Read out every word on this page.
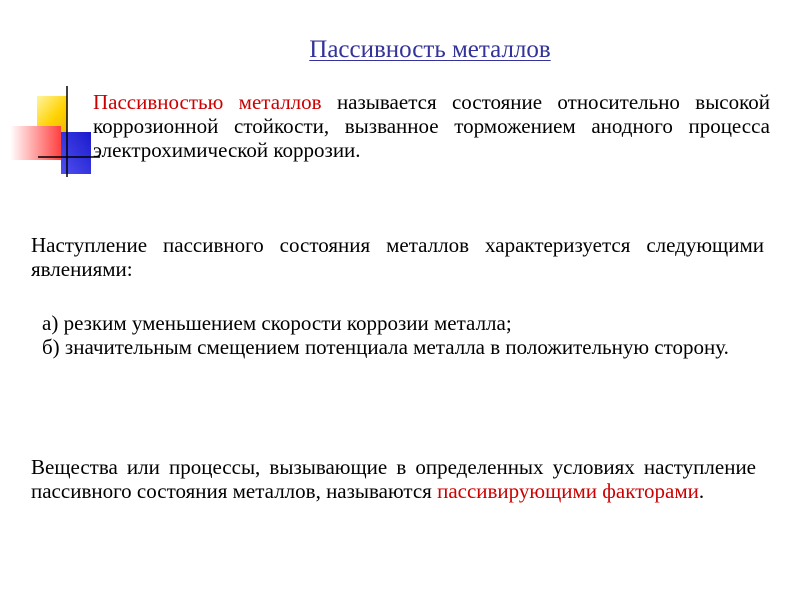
Пассивность металлов
Пассивностью металлов называется состояние относительно высокой коррозионной стойкости, вызванное торможением анодного процесса электрохимической коррозии.
Наступление пассивного состояния металлов характеризуется следующими явлениями:
а) резким уменьшением скорости коррозии металла;
б) значительным смещением потенциала металла в положительную сторону.
Вещества или процессы, вызывающие в определенных условиях наступление пассивного состояния металлов, называются пассивирующими факторами.
